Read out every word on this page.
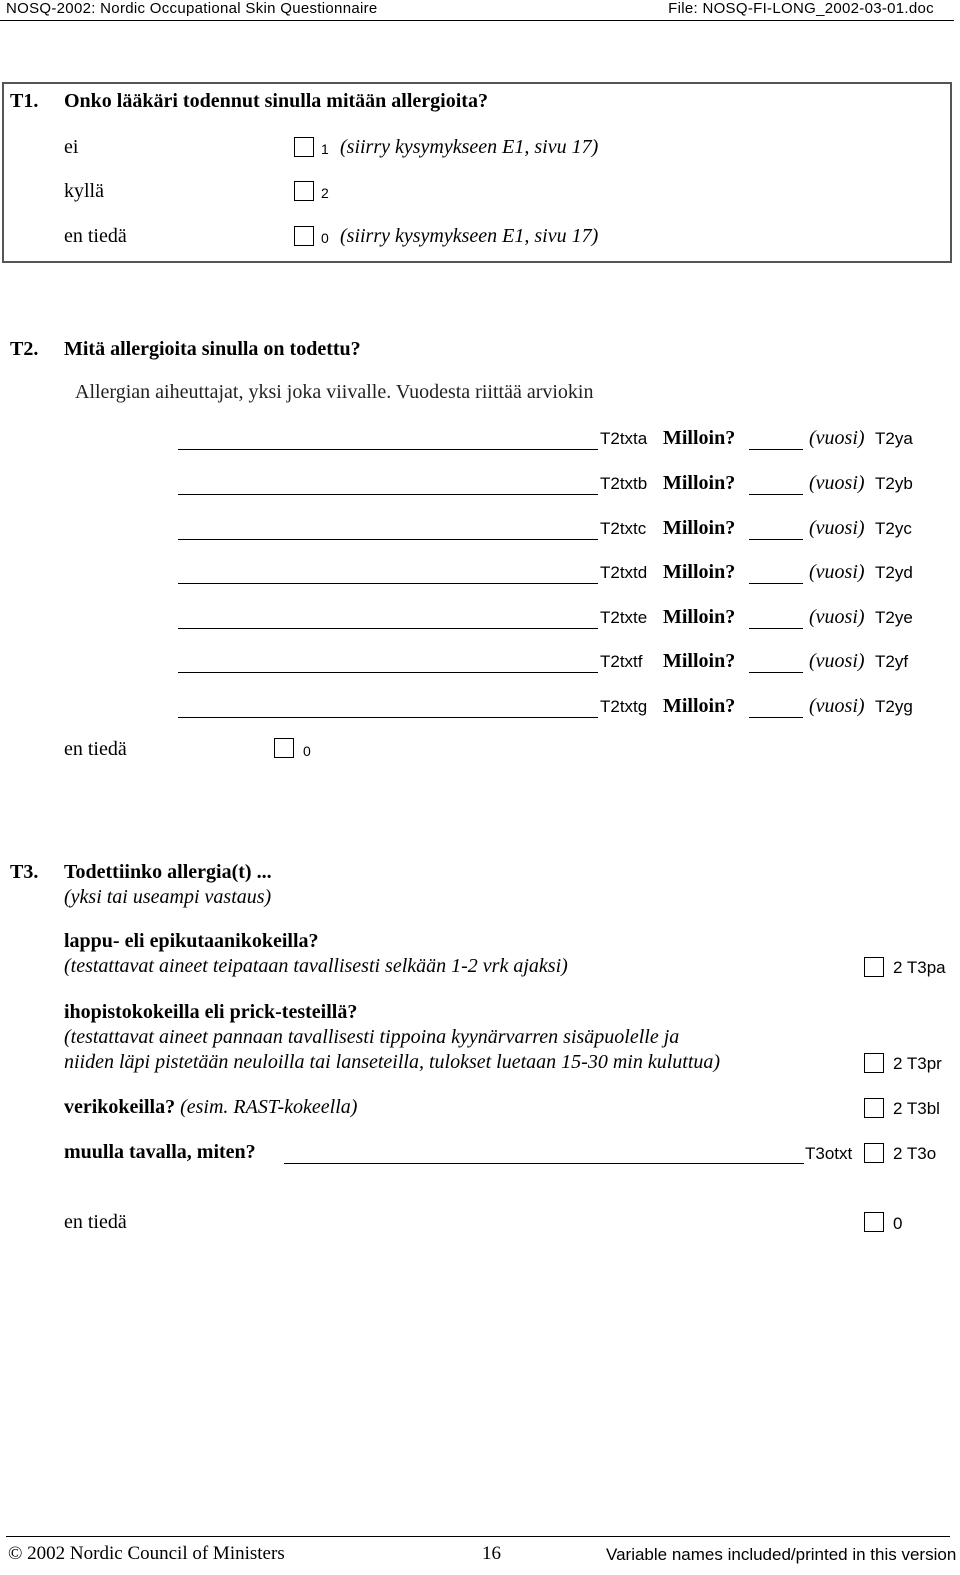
NOSQ-2002: Nordic Occupational Skin Questionnaire	File: NOSQ-FI-LONG_2002-03-01.doc
T1. Onko lääkäri todennut sinulla mitään allergioita?
ei	1 (siirry kysymykseen E1, sivu 17)
kyllä	2
en tiedä	0 (siirry kysymykseen E1, sivu 17)
T2. Mitä allergioita sinulla on todettu?
Allergian aiheuttajat, yksi joka viivalle. Vuodesta riittää arviokin
T2txta Milloin?	(vuosi) T2ya
T2txtb Milloin?	(vuosi) T2yb
T2txtc Milloin?	(vuosi) T2yc
T2txtd Milloin?	(vuosi) T2yd
T2txte Milloin?	(vuosi) T2ye
T2txtf Milloin?	(vuosi) T2yf
T2txtg Milloin?	(vuosi) T2yg
en tiedä	0
T3. Todettiinko allergia(t) ...
(yksi tai useampi vastaus)
lappu- eli epikutaanikokeilla?
(testattavat aineet teipataan tavallisesti selkään 1-2 vrk ajaksi)	2 T3pa
ihopistokokeilla eli prick-testeillä?
(testattavat aineet pannaan tavallisesti tippoina kyynärvarren sisäpuolelle ja
niiden läpi pistetään neuloilla tai lanseteilla, tulokset luetaan 15-30 min kuluttua)	2 T3pr
verikokeilla? (esim. RAST-kokeella)	2 T3bl
muulla tavalla, miten?	T3otxt 2 T3o
en tiedä	0
© 2002 Nordic Council of Ministers	16	Variable names included/printed in this version
